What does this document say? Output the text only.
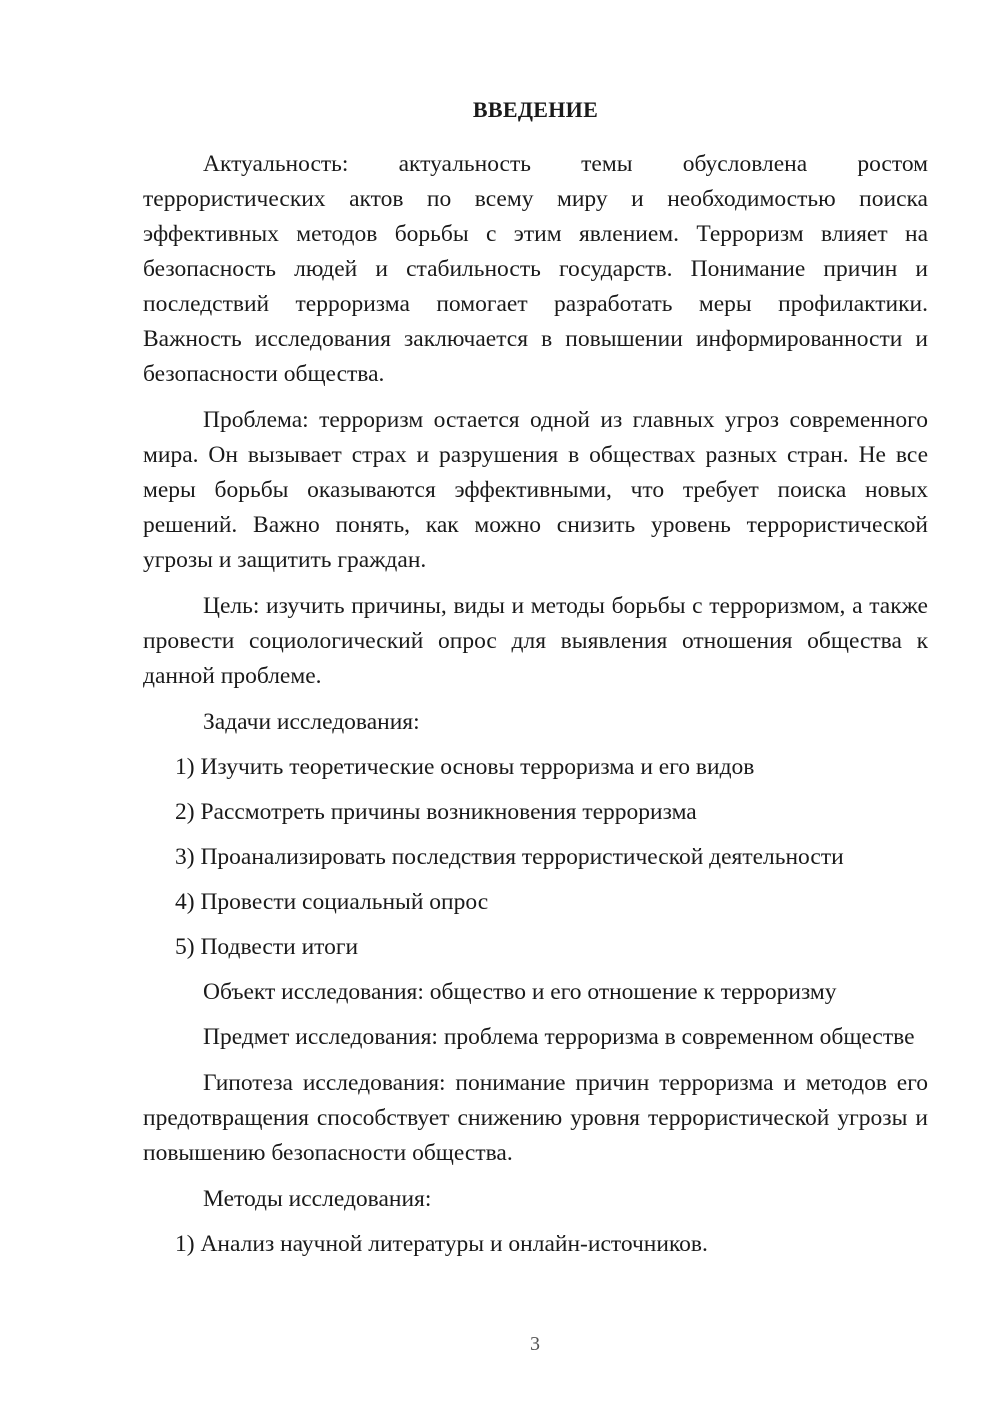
ВВЕДЕНИЕ

Актуальность: актуальность темы обусловлена ростом террористических актов по всему миру и необходимостью поиска эффективных методов борьбы с этим явлением. Терроризм влияет на безопасность людей и стабильность государств. Понимание причин и последствий терроризма помогает разработать меры профилактики. Важность исследования заключается в повышении информированности и безопасности общества.

Проблема: терроризм остается одной из главных угроз современного мира. Он вызывает страх и разрушения в обществах разных стран. Не все меры борьбы оказываются эффективными, что требует поиска новых решений. Важно понять, как можно снизить уровень террористической угрозы и защитить граждан.

Цель: изучить причины, виды и методы борьбы с терроризмом, а также провести социологический опрос для выявления отношения общества к данной проблеме.

Задачи исследования:

1) Изучить теоретические основы терроризма и его видов

2) Рассмотреть причины возникновения терроризма

3) Проанализировать последствия террористической деятельности

4) Провести социальный опрос

5) Подвести итоги

Объект исследования: общество и его отношение к терроризму

Предмет исследования: проблема терроризма в современном обществе

Гипотеза исследования: понимание причин терроризма и методов его предотвращения способствует снижению уровня террористической угрозы и повышению безопасности общества.

Методы исследования:

1) Анализ научной литературы и онлайн-источников.

3
